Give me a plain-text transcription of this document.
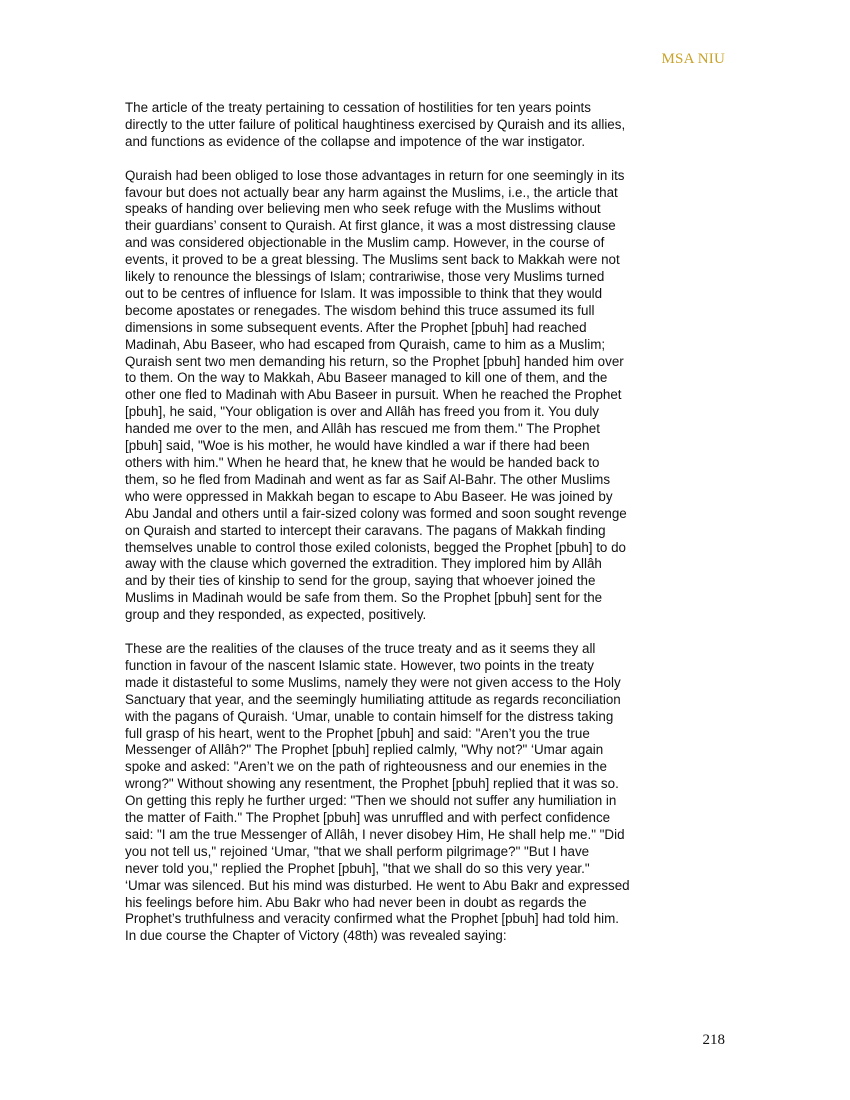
MSA NIU

The article of the treaty pertaining to cessation of hostilities for ten years points
directly to the utter failure of political haughtiness exercised by Quraish and its allies,
and functions as evidence of the collapse and impotence of the war instigator.

Quraish had been obliged to lose those advantages in return for one seemingly in its
favour but does not actually bear any harm against the Muslims, i.e., the article that
speaks of handing over believing men who seek refuge with the Muslims without
their guardians’ consent to Quraish. At first glance, it was a most distressing clause
and was considered objectionable in the Muslim camp. However, in the course of
events, it proved to be a great blessing. The Muslims sent back to Makkah were not
likely to renounce the blessings of Islam; contrariwise, those very Muslims turned
out to be centres of influence for Islam. It was impossible to think that they would
become apostates or renegades. The wisdom behind this truce assumed its full
dimensions in some subsequent events. After the Prophet [pbuh] had reached
Madinah, Abu Baseer, who had escaped from Quraish, came to him as a Muslim;
Quraish sent two men demanding his return, so the Prophet [pbuh] handed him over
to them. On the way to Makkah, Abu Baseer managed to kill one of them, and the
other one fled to Madinah with Abu Baseer in pursuit. When he reached the Prophet
[pbuh], he said, "Your obligation is over and Allâh has freed you from it. You duly
handed me over to the men, and Allâh has rescued me from them." The Prophet
[pbuh] said, "Woe is his mother, he would have kindled a war if there had been
others with him." When he heard that, he knew that he would be handed back to
them, so he fled from Madinah and went as far as Saif Al-Bahr. The other Muslims
who were oppressed in Makkah began to escape to Abu Baseer. He was joined by
Abu Jandal and others until a fair-sized colony was formed and soon sought revenge
on Quraish and started to intercept their caravans. The pagans of Makkah finding
themselves unable to control those exiled colonists, begged the Prophet [pbuh] to do
away with the clause which governed the extradition. They implored him by Allâh
and by their ties of kinship to send for the group, saying that whoever joined the
Muslims in Madinah would be safe from them. So the Prophet [pbuh] sent for the
group and they responded, as expected, positively.

These are the realities of the clauses of the truce treaty and as it seems they all
function in favour of the nascent Islamic state. However, two points in the treaty
made it distasteful to some Muslims, namely they were not given access to the Holy
Sanctuary that year, and the seemingly humiliating attitude as regards reconciliation
with the pagans of Quraish. ‘Umar, unable to contain himself for the distress taking
full grasp of his heart, went to the Prophet [pbuh] and said: "Aren’t you the true
Messenger of Allâh?" The Prophet [pbuh] replied calmly, "Why not?" ‘Umar again
spoke and asked: "Aren’t we on the path of righteousness and our enemies in the
wrong?" Without showing any resentment, the Prophet [pbuh] replied that it was so.
On getting this reply he further urged: "Then we should not suffer any humiliation in
the matter of Faith." The Prophet [pbuh] was unruffled and with perfect confidence
said: "I am the true Messenger of Allâh, I never disobey Him, He shall help me." "Did
you not tell us," rejoined ‘Umar, "that we shall perform pilgrimage?" "But I have
never told you," replied the Prophet [pbuh], "that we shall do so this very year."
‘Umar was silenced. But his mind was disturbed. He went to Abu Bakr and expressed
his feelings before him. Abu Bakr who had never been in doubt as regards the
Prophet’s truthfulness and veracity confirmed what the Prophet [pbuh] had told him.
In due course the Chapter of Victory (48th) was revealed saying:

218
